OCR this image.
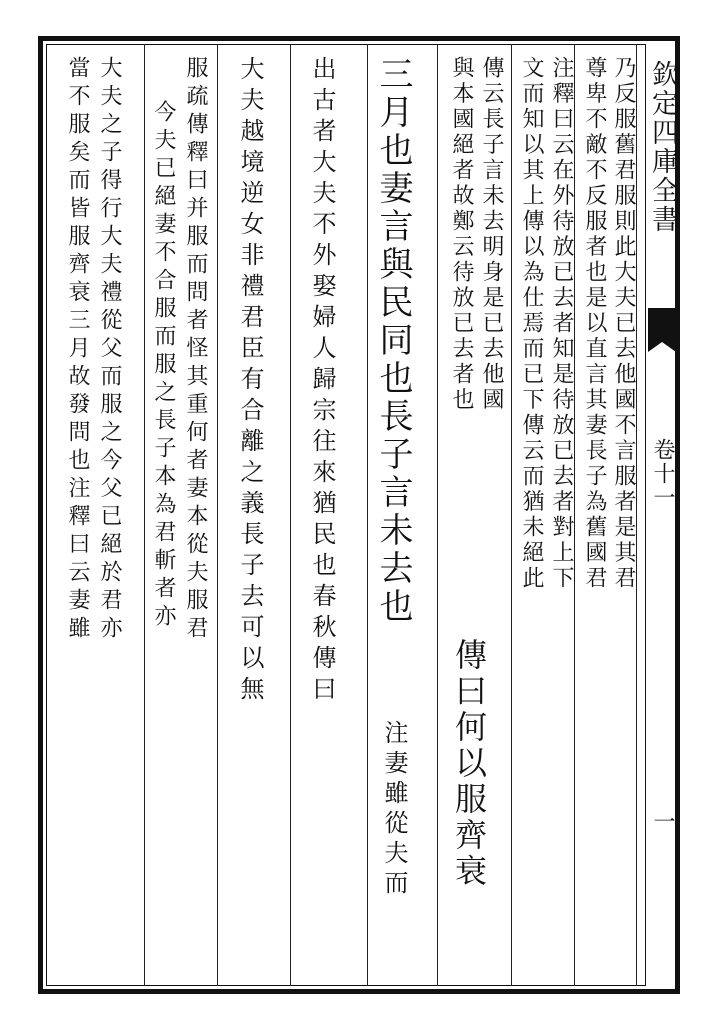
欽定四庫全書
卷十一
一
乃反服舊君服則此大夫已去他國不言服者是其君
尊卑不敵不反服者也是以直言其妻長子為舊國君
注釋曰云在外待放已去者知是待放已去者對上下
文而知以其上傳以為仕焉而已下傳云而猶未絕此
傳云長子言未去明身是已去他國
與本國絕者故鄭云待放已去者也
傳曰何以服齊衰
三月也妻言與民同也長子言未去也
注妻雖從夫而
出古者大夫不外娶婦人歸宗往來猶民也春秋傳曰
大夫越境逆女非禮君臣有合離之義長子去可以無
服疏傳釋曰并服而問者怪其重何者妻本從夫服君
今夫已絕妻不合服而服之長子本為君斬者亦
大夫之子得行大夫禮從父而服之今父已絕於君亦
當不服矣而皆服齊衰三月故發問也注釋曰云妻雖
